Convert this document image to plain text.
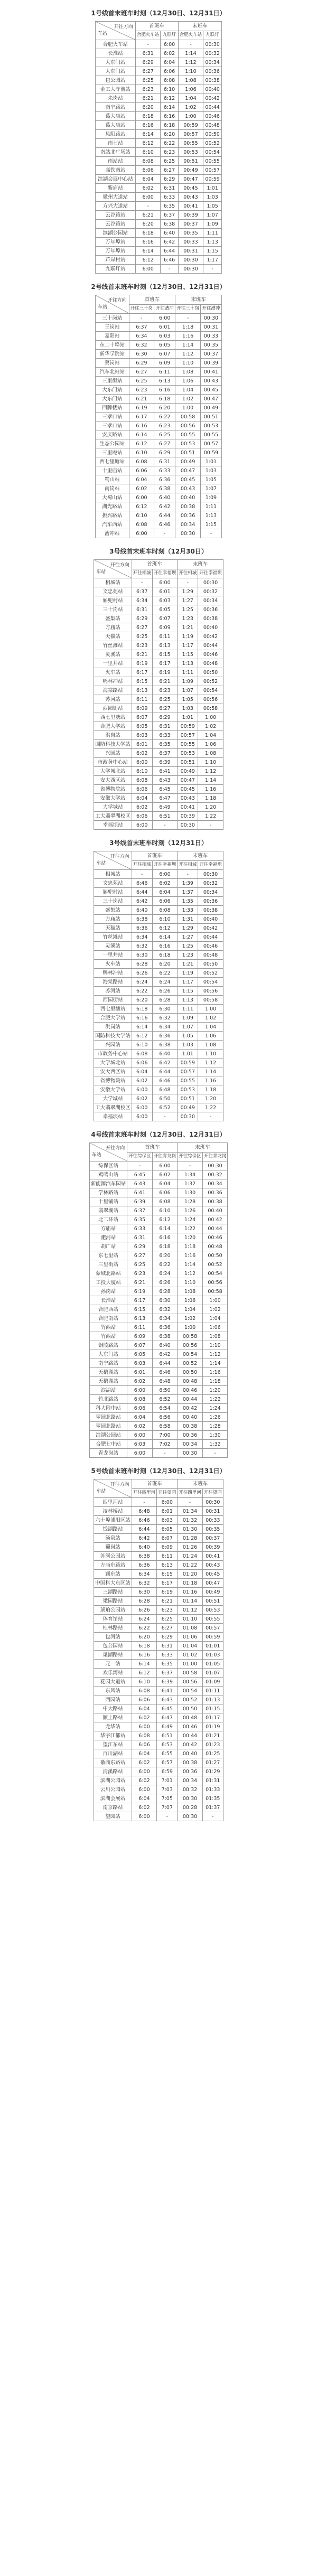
1号线首末班车时刻（12月30日、12月31日）
开往方向
车站	首班车		末班车	
	合肥火车站	九联圩	合肥火车站	九联圩
合肥火车站	-	6:00	-	00:30
长淮站	6:31	6:02	1:14	00:32
大东门站	6:29	6:04	1:12	00:34
大东门站	6:27	6:06	1:10	00:36
包公园站	6:25	6:08	1:08	00:38
金工大寺前站	6:23	6:10	1:06	00:40
朱岗站	6:21	6:12	1:04	00:42
南宁路站	6:20	6:14	1:02	00:44
葛大店站	6:18	6:16	1:00	00:46
葛大店站	6:16	6:18	00:59	00:48
凤阳路站	6:14	6:20	00:57	00:50
南七站	6:12	6:22	00:55	00:52
南站北广场站	6:10	6:23	00:53	00:54
南站站	6:08	6:25	00:51	00:55
高铁南站	6:06	6:27	00:49	00:57
滨湖会展中心站	6:04	6:29	00:47	00:59
紫庐站	6:02	6:31	00:45	1:01
徽州大道站	6:00	6:33	00:43	1:03
方兴大道站	-	6:35	00:41	1:05
云谷路站	6:21	6:37	00:39	1:07
云谷路站	6:20	6:38	00:37	1:09
滨湖公园站	6:18	6:40	00:35	1:11
万年埠站	6:16	6:42	00:33	1:13
万年埠站	6:14	6:44	00:31	1:15
芦岸村站	6:12	6:46	00:30	1:17
九联圩站	6:00	-	00:30	-
2号线首末班车时刻（12月30日、12月31日）
开往方向
车站	首班车		末班车	
	开往三十岗	开往漕冲	开往三十岗	开往漕冲
三十岗站	-	6:00	-	00:30
王岗站	6:37	6:01	1:18	00:31
嘉阳站	6:34	6:03	1:16	00:33
东二十埠站	6:32	6:05	1:14	00:35
新华学院站	6:30	6:07	1:12	00:37
蔡岗站	6:29	6:09	1:10	00:39
汽车北站站	6:27	6:11	1:08	00:41
三里街站	6:25	6:13	1:06	00:43
大东门站	6:23	6:16	1:04	00:45
大东门站	6:21	6:18	1:02	00:47
四牌楼站	6:19	6:20	1:00	00:49
三孝口站	6:17	6:22	00:58	00:51
三孝口站	6:16	6:23	00:56	00:53
安庆路站	6:14	6:25	00:55	00:55
生态公园站	6:12	6:27	00:53	00:57
三里庵站	6:10	6:29	00:51	00:59
西七里塘站	6:08	6:31	00:49	1:01
十里庙站	6:06	6:33	00:47	1:03
蜀山站	6:04	6:36	00:45	1:05
南岗站	6:02	6:38	00:43	1:07
大蜀山站	6:00	6:40	00:40	1:09
湖光路站	6:12	6:42	00:38	1:11
振兴路站	6:10	6:44	00:36	1:13
汽车西站	6:08	6:46	00:34	1:15
漕冲站	6:00	-	00:30	-
3号线首末班车时刻（12月30日）
开往方向
车站	首班车		末班车	
	开往相城	开往幸福坝	开往相城	开往幸福坝
相城站	-	6:00	-	00:30
文忠苑站	6:37	6:01	1:29	00:32
斛兜村站	6:34	6:03	1:27	00:34
三十岗站	6:31	6:05	1:25	00:36
盛集站	6:29	6:07	1:23	00:38
方庙站	6:27	6:09	1:21	00:40
天猫站	6:25	6:11	1:19	00:42
竹丝滩站	6:23	6:13	1:17	00:44
灵溪站	6:21	6:15	1:15	00:46
一里井站	6:19	6:17	1:13	00:48
火车站	6:17	6:19	1:11	00:50
鸭林冲站	6:15	6:21	1:09	00:52
海棠路站	6:13	6:23	1:07	00:54
苏河站	6:11	6:25	1:05	00:56
西园街站	6:09	6:27	1:03	00:58
西七里塘站	6:07	6:29	1:01	1:00
合肥大学站	6:05	6:31	00:59	1:02
洪岗站	6:03	6:33	00:57	1:04
国防科技大学站	6:01	6:35	00:55	1:06
兴园站	6:02	6:37	00:53	1:08
市政务中心站	6:00	6:39	00:51	1:10
大学城北站	6:10	6:41	00:49	1:12
安大西区站	6:08	6:43	00:47	1:14
省博物院站	6:06	6:45	00:45	1:16
安徽大学站	6:04	6:47	00:43	1:18
大学城站	6:02	6:49	00:41	1:20
工大翡翠湖校区	6:06	6:51	00:39	1:22
幸福坝站	6:00	-	00:30	-
3号线首末班车时刻（12月31日）
开往方向
车站	首班车		末班车	
	开往相城	开往幸福坝	开往相城	开往幸福坝
相城站	-	6:00	-	00:30
文忠苑站	6:46	6:02	1:39	00:32
斛兜村站	6:44	6:04	1:37	00:34
三十岗站	6:42	6:06	1:35	00:36
盛集站	6:40	6:08	1:33	00:38
方庙站	6:38	6:10	1:31	00:40
天猫站	6:36	6:12	1:29	00:42
竹丝滩站	6:34	6:14	1:27	00:44
灵溪站	6:32	6:16	1:25	00:46
一里井站	6:30	6:18	1:23	00:48
火车站	6:28	6:20	1:21	00:50
鸭林冲站	6:26	6:22	1:19	00:52
海棠路站	6:24	6:24	1:17	00:54
苏河站	6:22	6:26	1:15	00:56
西园街站	6:20	6:28	1:13	00:58
西七里塘站	6:18	6:30	1:11	1:00
合肥大学站	6:16	6:32	1:09	1:02
洪岗站	6:14	6:34	1:07	1:04
国防科技大学站	6:12	6:36	1:05	1:06
兴园站	6:10	6:38	1:03	1:08
市政务中心站	6:08	6:40	1:01	1:10
大学城北站	6:06	6:42	00:59	1:12
安大西区站	6:04	6:44	00:57	1:14
省博物院站	6:02	6:46	00:55	1:16
安徽大学站	6:00	6:48	00:53	1:18
大学城站	6:02	6:50	00:51	1:20
工大翡翠湖校区	6:00	6:52	00:49	1:22
幸福坝站	6:00	-	00:30	-
4号线首末班车时刻（12月30日、12月31日）
开往方向
车站	首班车		末班车	
	开往综保区	开往青龙岗	开往综保区	开往青龙岗
综保区站	-	6:00	-	00:30
鸡鸣山站	6:45	6:02	1:34	00:32
新能源汽车园站	6:43	6:04	1:32	00:34
学林路站	6:41	6:06	1:30	00:36
十里铺站	6:39	6:08	1:28	00:38
翡翠湖站	6:37	6:10	1:26	00:40
北二环站	6:35	6:12	1:24	00:42
方庙站	6:33	6:14	1:22	00:44
淝河站	6:31	6:16	1:20	00:46
胡广站	6:29	6:18	1:18	00:48
东七里站	6:27	6:20	1:16	00:50
三里街站	6:25	6:22	1:14	00:52
蒙城北路站	6:23	6:24	1:12	00:54
工投大厦站	6:21	6:26	1:10	00:56
孙岗站	6:19	6:28	1:08	00:58
长淮站	6:17	6:30	1:06	1:00
合肥西站	6:15	6:32	1:04	1:02
合肥南站	6:13	6:34	1:02	1:04
竹西站	6:11	6:36	1:00	1:06
竹西站	6:09	6:38	00:58	1:08
铜陵路站	6:07	6:40	00:56	1:10
大东门站	6:05	6:42	00:54	1:12
南宁路站	6:03	6:44	00:52	1:14
天鹅湖站	6:01	6:46	00:50	1:16
天鹅湖站	6:02	6:48	00:48	1:18
滨湖站	6:00	6:50	00:46	1:20
竹北路站	6:08	6:52	00:44	1:22
科大附中站	6:06	6:54	00:42	1:24
翠园北路站	6:04	6:56	00:40	1:26
翠园北路站	6:02	6:58	00:38	1:28
滨湖公园站	6:00	7:00	00:36	1:30
合肥七中站	6:03	7:02	00:34	1:32
青龙岗站	6:00	-	00:30	-
5号线首末班车时刻（12月30日、12月31日）
开往方向
车站	首班车		末班车	
	开往四里河	开往望园	开往四里河	开往望园
四里河站	-	6:00	-	00:30
凌林桥站	6:48	6:01	01:34	00:31
六十埠浦阳区站	6:46	6:03	01:32	00:33
钱湖路站	6:44	6:05	01:30	00:35
汤泉站	6:42	6:07	01:28	00:37
蜀岗站	6:40	6:09	01:26	00:39
苏河公园站	6:38	6:11	01:24	00:41
方庙东路站	6:36	6:13	01:22	00:43
颍东站	6:34	6:15	01:20	00:45
中国科大东区站	6:32	6:17	01:18	00:47
三湖路站	6:30	6:19	01:16	00:49
梁园路站	6:28	6:21	01:14	00:51
琥珀公园站	6:26	6:23	01:12	00:53
体育馆站	6:24	6:25	01:10	00:55
桂林路站	6:22	6:27	01:08	00:57
包河站	6:20	6:29	01:06	00:59
包公园站	6:18	6:31	01:04	01:01
巢湖路站	6:16	6:33	01:02	01:03
元一站	6:14	6:35	01:00	01:05
欢乐湾站	6:12	6:37	00:58	01:07
花园大道站	6:10	6:39	00:56	01:09
东风站	6:08	6:41	00:54	01:11
西园站	6:06	6:43	00:52	01:13
中大路站	6:04	6:45	00:50	01:15
颍上路站	6:02	6:47	00:48	01:17
龙华站	6:00	6:49	00:46	01:19
华宇江都站	6:08	6:51	00:44	01:21
望江东站	6:06	6:53	00:42	01:23
百川湖站	6:04	6:55	00:40	01:25
徽商东路站	6:02	6:57	00:38	01:27
清溪路站	6:00	6:59	00:36	01:29
滨湖公园站	6:02	7:01	00:34	01:31
云川公园站	6:00	7:03	00:32	01:33
滨湖会展站	6:04	7:05	00:30	01:35
南京路站	6:02	7:07	00:28	01:37
望园站	6:00	-	00:30	-
